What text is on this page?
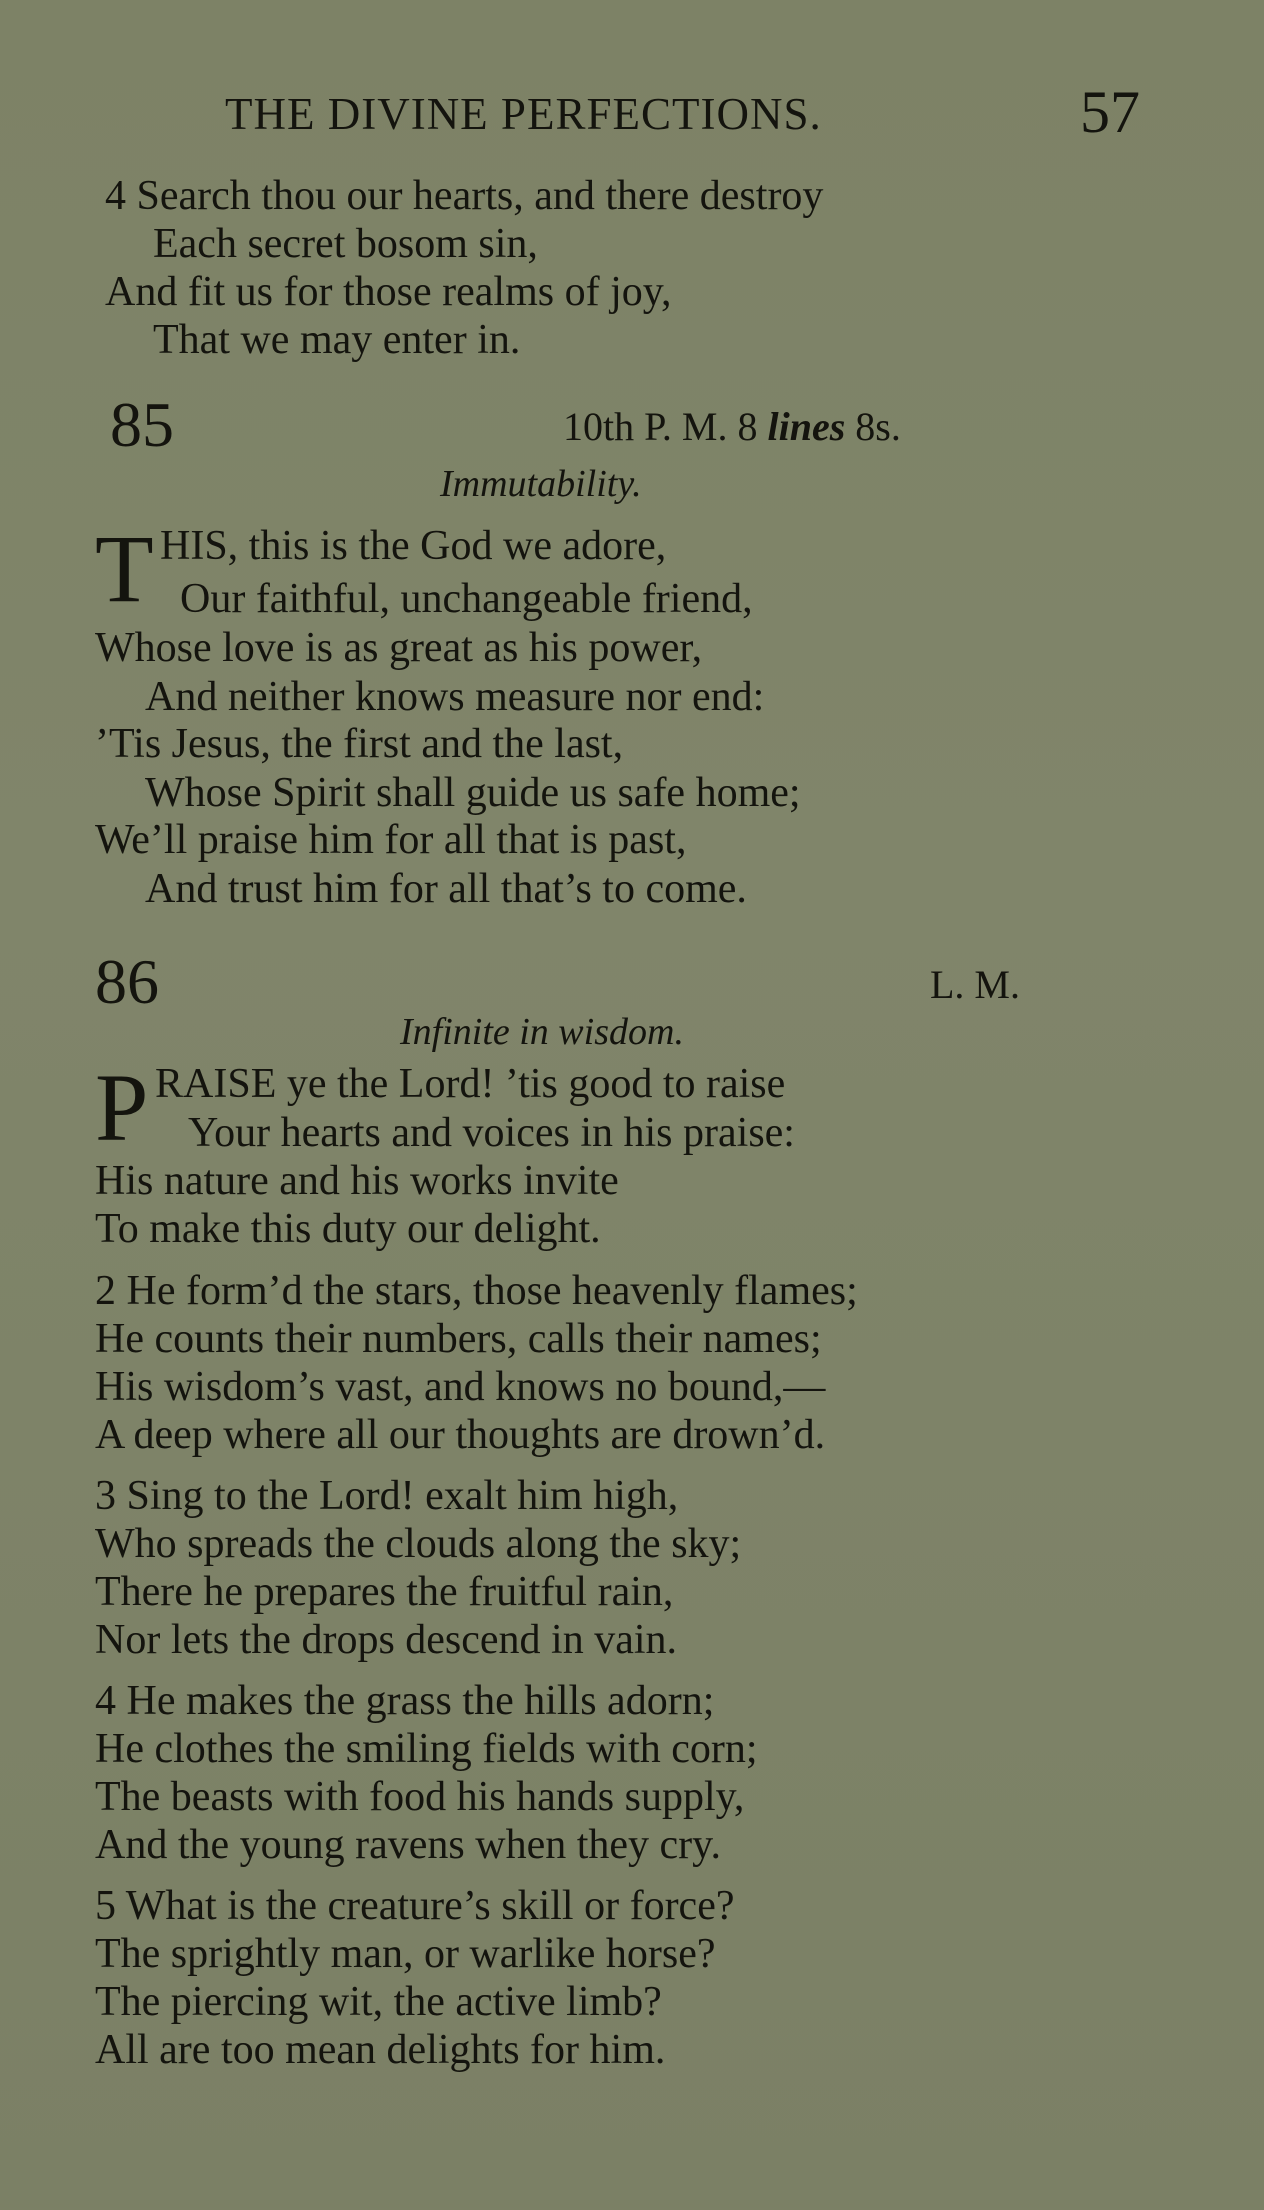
THE DIVINE PERFECTIONS.	57
4 Search thou our hearts, and there destroy
Each secret bosom sin,
And fit us for those realms of joy,
That we may enter in.
85	10th P. M. 8 lines 8s.
Immutability.
T HIS, this is the God we adore,
Our faithful, unchangeable friend,
Whose love is as great as his power,
And neither knows measure nor end:
’Tis Jesus, the first and the last,
Whose Spirit shall guide us safe home;
We’ll praise him for all that is past,
And trust him for all that’s to come.
86	L. M.
Infinite in wisdom.
P RAISE ye the Lord! ’tis good to raise
Your hearts and voices in his praise:
His nature and his works invite
To make this duty our delight.
2 He form’d the stars, those heavenly flames;
He counts their numbers, calls their names;
His wisdom’s vast, and knows no bound,—
A deep where all our thoughts are drown’d.
3 Sing to the Lord! exalt him high,
Who spreads the clouds along the sky;
There he prepares the fruitful rain,
Nor lets the drops descend in vain.
4 He makes the grass the hills adorn;
He clothes the smiling fields with corn;
The beasts with food his hands supply,
And the young ravens when they cry.
5 What is the creature’s skill or force?
The sprightly man, or warlike horse?
The piercing wit, the active limb?
All are too mean delights for him.
